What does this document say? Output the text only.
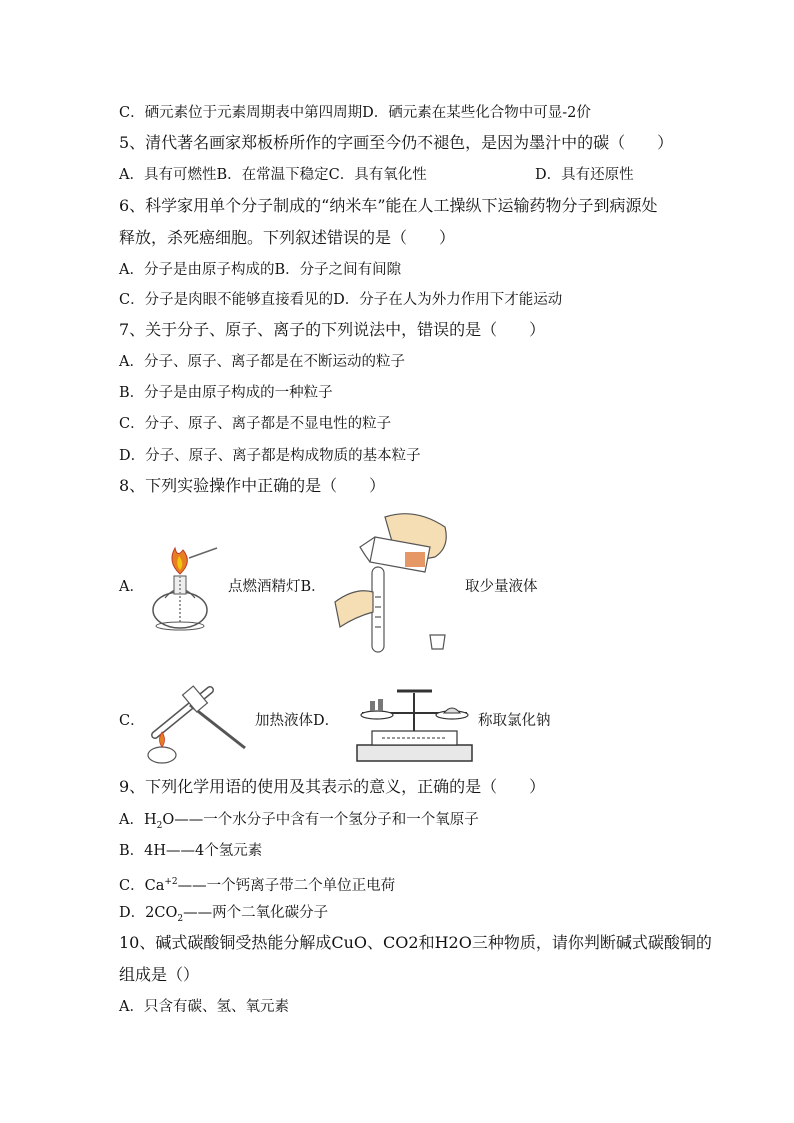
C．硒元素位于元素周期表中第四周期D．硒元素在某些化合物中可显-2价
5、清代著名画家郑板桥所作的字画至今仍不褪色，是因为墨汁中的碳（　　）
A．具有可燃性B．在常温下稳定C．具有氧化性	D．具有还原性
6、科学家用单个分子制成的“纳米车”能在人工操纵下运输药物分子到病源处
释放，杀死癌细胞。下列叙述错误的是（　　）
A．分子是由原子构成的B．分子之间有间隙
C．分子是肉眼不能够直接看见的D．分子在人为外力作用下才能运动
7、关于分子、原子、离子的下列说法中，错误的是（　　）
A．分子、原子、离子都是在不断运动的粒子
B．分子是由原子构成的一种粒子
C．分子、原子、离子都是不显电性的粒子
D．分子、原子、离子都是构成物质的基本粒子
8、下列实验操作中正确的是（　　）
A．	点燃酒精灯B．	取少量液体
C．	加热液体D．	称取氯化钠
9、下列化学用语的使用及其表示的意义，正确的是（　　）
A．$H_2O——$一个水分子中含有一个氢分子和一个氧原子
B．4H——4个氢元素
C．$Ca^{+2}——$一个钙离子带二个单位正电荷
D．$2CO_2——$两个二氧化碳分子
10、碱式碳酸铜受热能分解成CuO、CO2和H2O三种物质，请你判断碱式碳酸铜的
组成是（）
A．只含有碳、氢、氧元素
